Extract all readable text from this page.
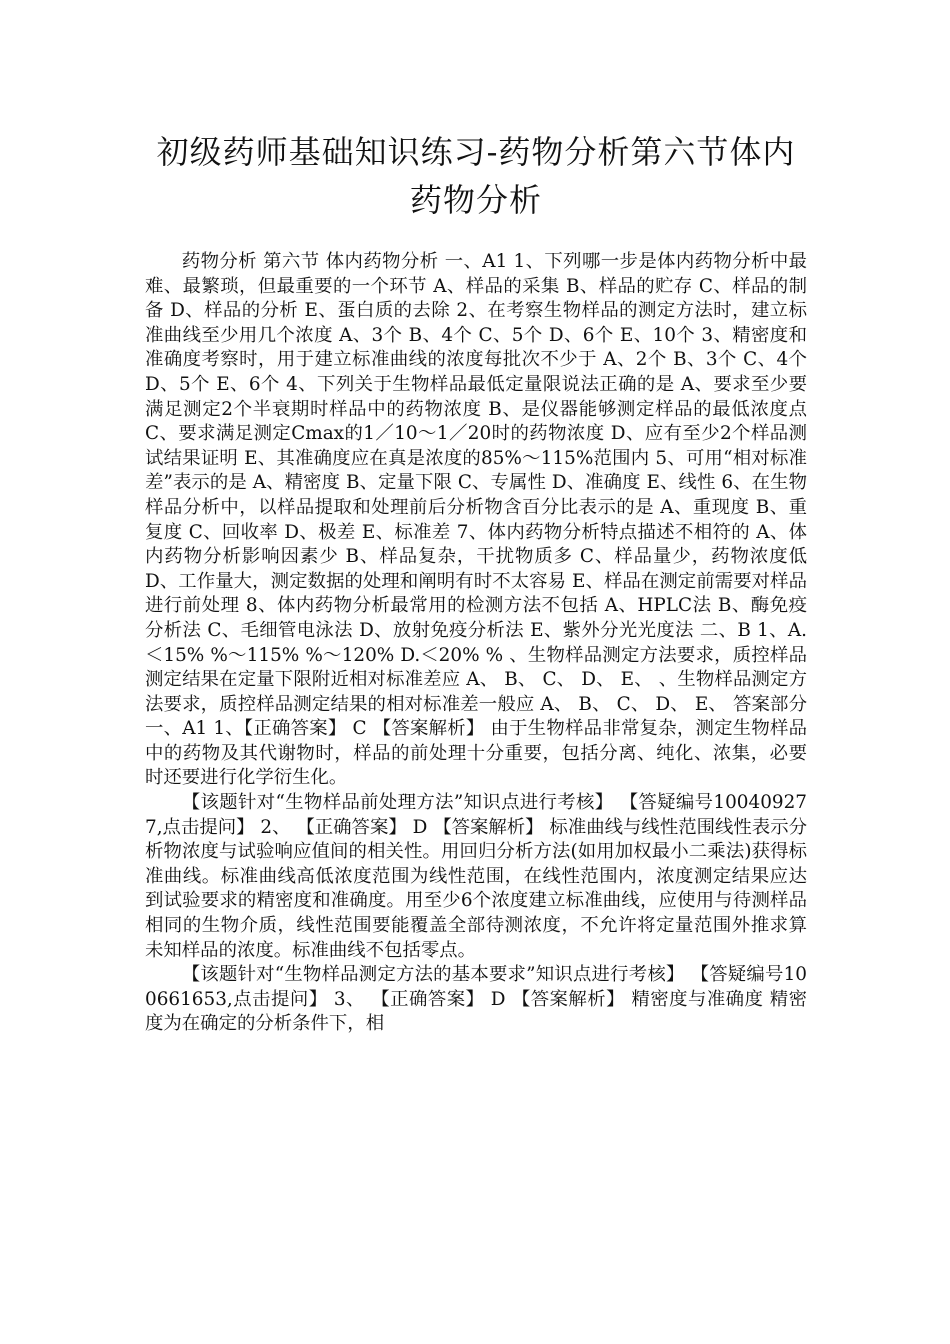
初级药师基础知识练习-药物分析第六节体内药物分析

药物分析 第六节 体内药物分析 一、A1 1、下列哪一步是体内药物分析中最难、最繁琐，但最重要的一个环节 A、样品的采集 B、样品的贮存 C、样品的制备 D、样品的分析 E、蛋白质的去除 2、在考察生物样品的测定方法时，建立标准曲线至少用几个浓度 A、3个 B、4个 C、5个 D、6个 E、10个 3、精密度和准确度考察时，用于建立标准曲线的浓度每批次不少于 A、2个 B、3个 C、4个 D、5个 E、6个 4、下列关于生物样品最低定量限说法正确的是 A、要求至少要满足测定2个半衰期时样品中的药物浓度 B、是仪器能够测定样品的最低浓度点 C、要求满足测定Cmax的1／10～1／20时的药物浓度 D、应有至少2个样品测试结果证明 E、其准确度应在真是浓度的85%～115%范围内 5、可用“相对标准差”表示的是 A、精密度 B、定量下限 C、专属性 D、准确度 E、线性 6、在生物样品分析中，以样品提取和处理前后分析物含百分比表示的是 A、重现度 B、重复度 C、回收率 D、极差 E、标准差 7、体内药物分析特点描述不相符的 A、体内药物分析影响因素少 B、样品复杂，干扰物质多 C、样品量少，药物浓度低 D、工作量大，测定数据的处理和阐明有时不太容易 E、样品在测定前需要对样品进行前处理 8、体内药物分析最常用的检测方法不包括 A、HPLC法 B、酶免疫分析法 C、毛细管电泳法 D、放射免疫分析法 E、紫外分光光度法 二、B 1、A.＜15% %～115% %～120% D.＜20% % 、生物样品测定方法要求，质控样品测定结果在定量下限附近相对标准差应 A、 B、 C、 D、 E、 、生物样品测定方法要求，质控样品测定结果的相对标准差一般应 A、 B、 C、 D、 E、 答案部分 一、A1 1、【正确答案】 C 【答案解析】 由于生物样品非常复杂，测定生物样品中的药物及其代谢物时，样品的前处理十分重要，包括分离、纯化、浓集，必要时还要进行化学衍生化。

【该题针对“生物样品前处理方法”知识点进行考核】 【答疑编号100409277,点击提问】 2、 【正确答案】 D 【答案解析】 标准曲线与线性范围线性表示分析物浓度与试验响应值间的相关性。用回归分析方法(如用加权最小二乘法)获得标准曲线。标准曲线高低浓度范围为线性范围，在线性范围内，浓度测定结果应达到试验要求的精密度和准确度。用至少6个浓度建立标准曲线，应使用与待测样品相同的生物介质，线性范围要能覆盖全部待测浓度，不允许将定量范围外推求算未知样品的浓度。标准曲线不包括零点。

【该题针对“生物样品测定方法的基本要求”知识点进行考核】 【答疑编号100661653,点击提问】 3、 【正确答案】 D 【答案解析】 精密度与准确度 精密度为在确定的分析条件下，相
